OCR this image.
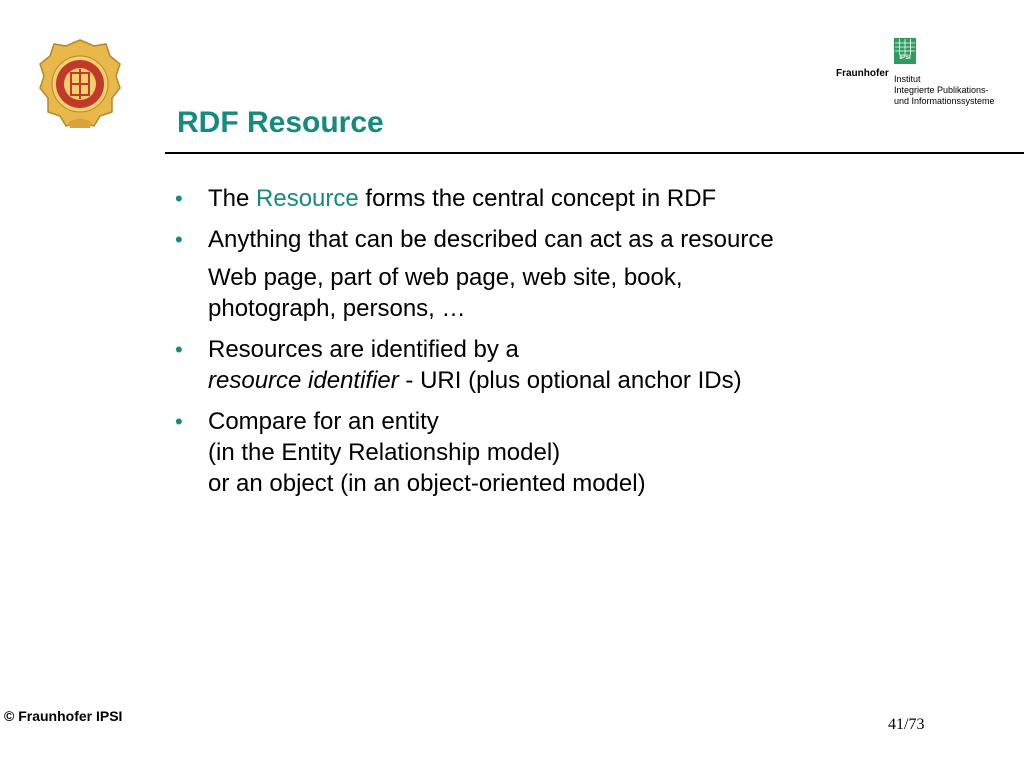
IPSI
Fraunhofer Institut
Integrierte Publikations-
und Informationssysteme
RDF Resource
•	The Resource forms the central concept in RDF
•	Anything that can be described can act as a resource
Web page, part of web page, web site, book,
photograph, persons, …
•	Resources are identified by a
resource identifier - URI (plus optional anchor IDs)
•	Compare for an entity
(in the Entity Relationship model)
or an object (in an object-oriented model)
© Fraunhofer IPSI	41/73
